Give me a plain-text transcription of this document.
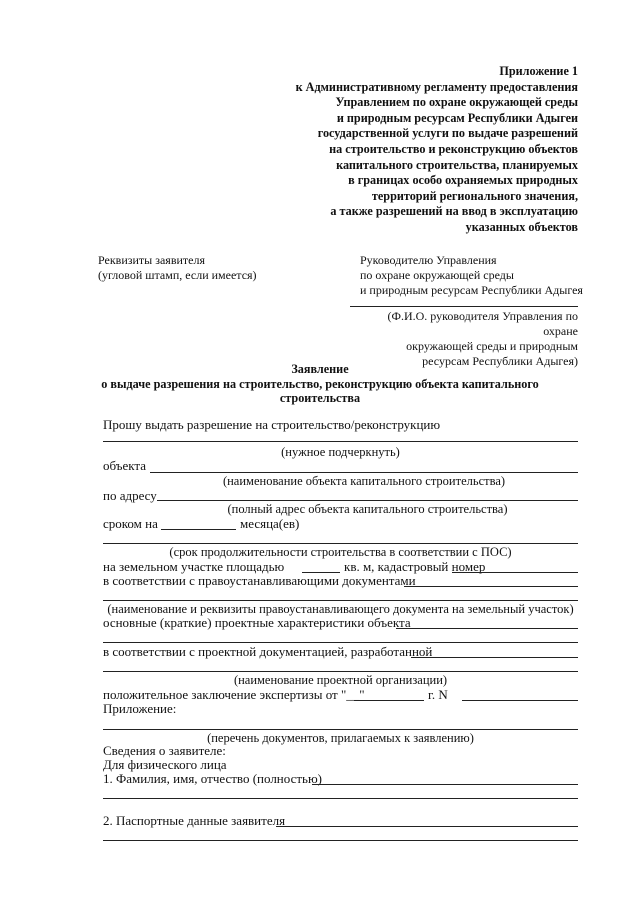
Приложение 1
к Административному регламенту предоставления
Управлением по охране окружающей среды
и природным ресурсам Республики Адыгеи
государственной услуги по выдаче разрешений
на строительство и реконструкцию объектов
капитального строительства, планируемых
в границах особо охраняемых природных
территорий регионального значения,
а также разрешений на ввод в эксплуатацию
указанных объектов
Реквизиты заявителя
(угловой штамп, если имеется)
Руководителю Управления
по охране окружающей среды
и природным ресурсам Республики Адыгея
(Ф.И.О. руководителя Управления по охране
окружающей среды и природным
ресурсам Республики Адыгея)
Заявление
о выдаче разрешения на строительство, реконструкцию объекта капитального
строительства
Прошу выдать разрешение на строительство/реконструкцию
(нужное подчеркнуть)
объекта
(наименование объекта капитального строительства)
по адресу
(полный адрес объекта капитального строительства)
сроком на	месяца(ев)
(срок продолжительности строительства в соответствии с ПОС)
на земельном участке площадью	кв. м, кадастровый номер
в соответствии с правоустанавливающими документами
(наименование и реквизиты правоустанавливающего документа на земельный участок)
основные (краткие) проектные характеристики объекта
в соответствии с проектной документацией, разработанной
(наименование проектной организации)
положительное заключение экспертизы от "__"	г. N
Приложение:
(перечень документов, прилагаемых к заявлению)
Сведения о заявителе:
Для физического лица
1. Фамилия, имя, отчество (полностью)
2. Паспортные данные заявителя
